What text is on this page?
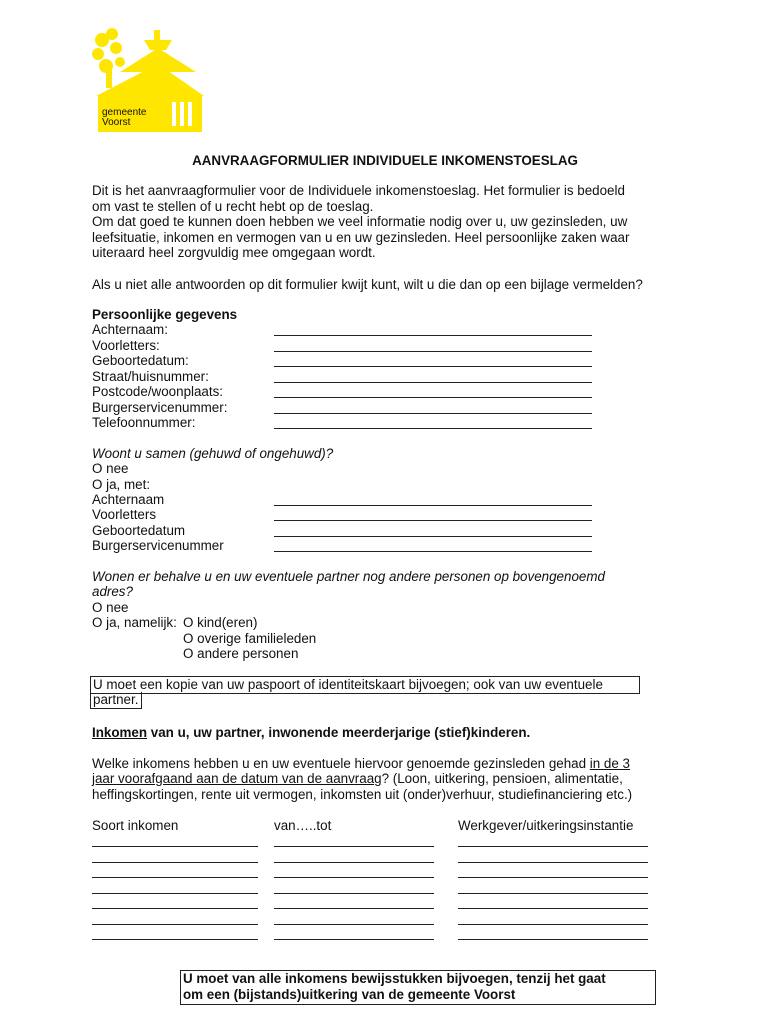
gemeente
Voorst
AANVRAAGFORMULIER INDIVIDUELE INKOMENSTOESLAG
Dit is het aanvraagformulier voor de Individuele inkomenstoeslag. Het formulier is bedoeld
om vast te stellen of u recht hebt op de toeslag.
Om dat goed te kunnen doen hebben we veel informatie nodig over u, uw gezinsleden, uw
leefsituatie, inkomen en vermogen van u en uw gezinsleden. Heel persoonlijke zaken waar
uiteraard heel zorgvuldig mee omgegaan wordt.
Als u niet alle antwoorden op dit formulier kwijt kunt, wilt u die dan op een bijlage vermelden?
Persoonlijke gegevens
Achternaam:
Voorletters:
Geboortedatum:
Straat/huisnummer:
Postcode/woonplaats:
Burgerservicenummer:
Telefoonnummer:
Woont u samen (gehuwd of ongehuwd)?
O nee
O ja, met:
Achternaam
Voorletters
Geboortedatum
Burgerservicenummer
Wonen er behalve u en uw eventuele partner nog andere personen op bovengenoemd
adres?
O nee
O ja, namelijk: O kind(eren)
O overige familieleden
O andere personen
U moet een kopie van uw paspoort of identiteitskaart bijvoegen; ook van uw eventuele
partner.
Inkomen van u, uw partner, inwonende meerderjarige (stief)kinderen.
Welke inkomens hebben u en uw eventuele hiervoor genoemde gezinsleden gehad in de 3
jaar voorafgaand aan de datum van de aanvraag? (Loon, uitkering, pensioen, alimentatie,
heffingskortingen, rente uit vermogen, inkomsten uit (onder)verhuur, studiefinanciering etc.)
Soort inkomen	van…..tot	Werkgever/uitkeringsinstantie
U moet van alle inkomens bewijsstukken bijvoegen, tenzij het gaat
om een (bijstands)uitkering van de gemeente Voorst
